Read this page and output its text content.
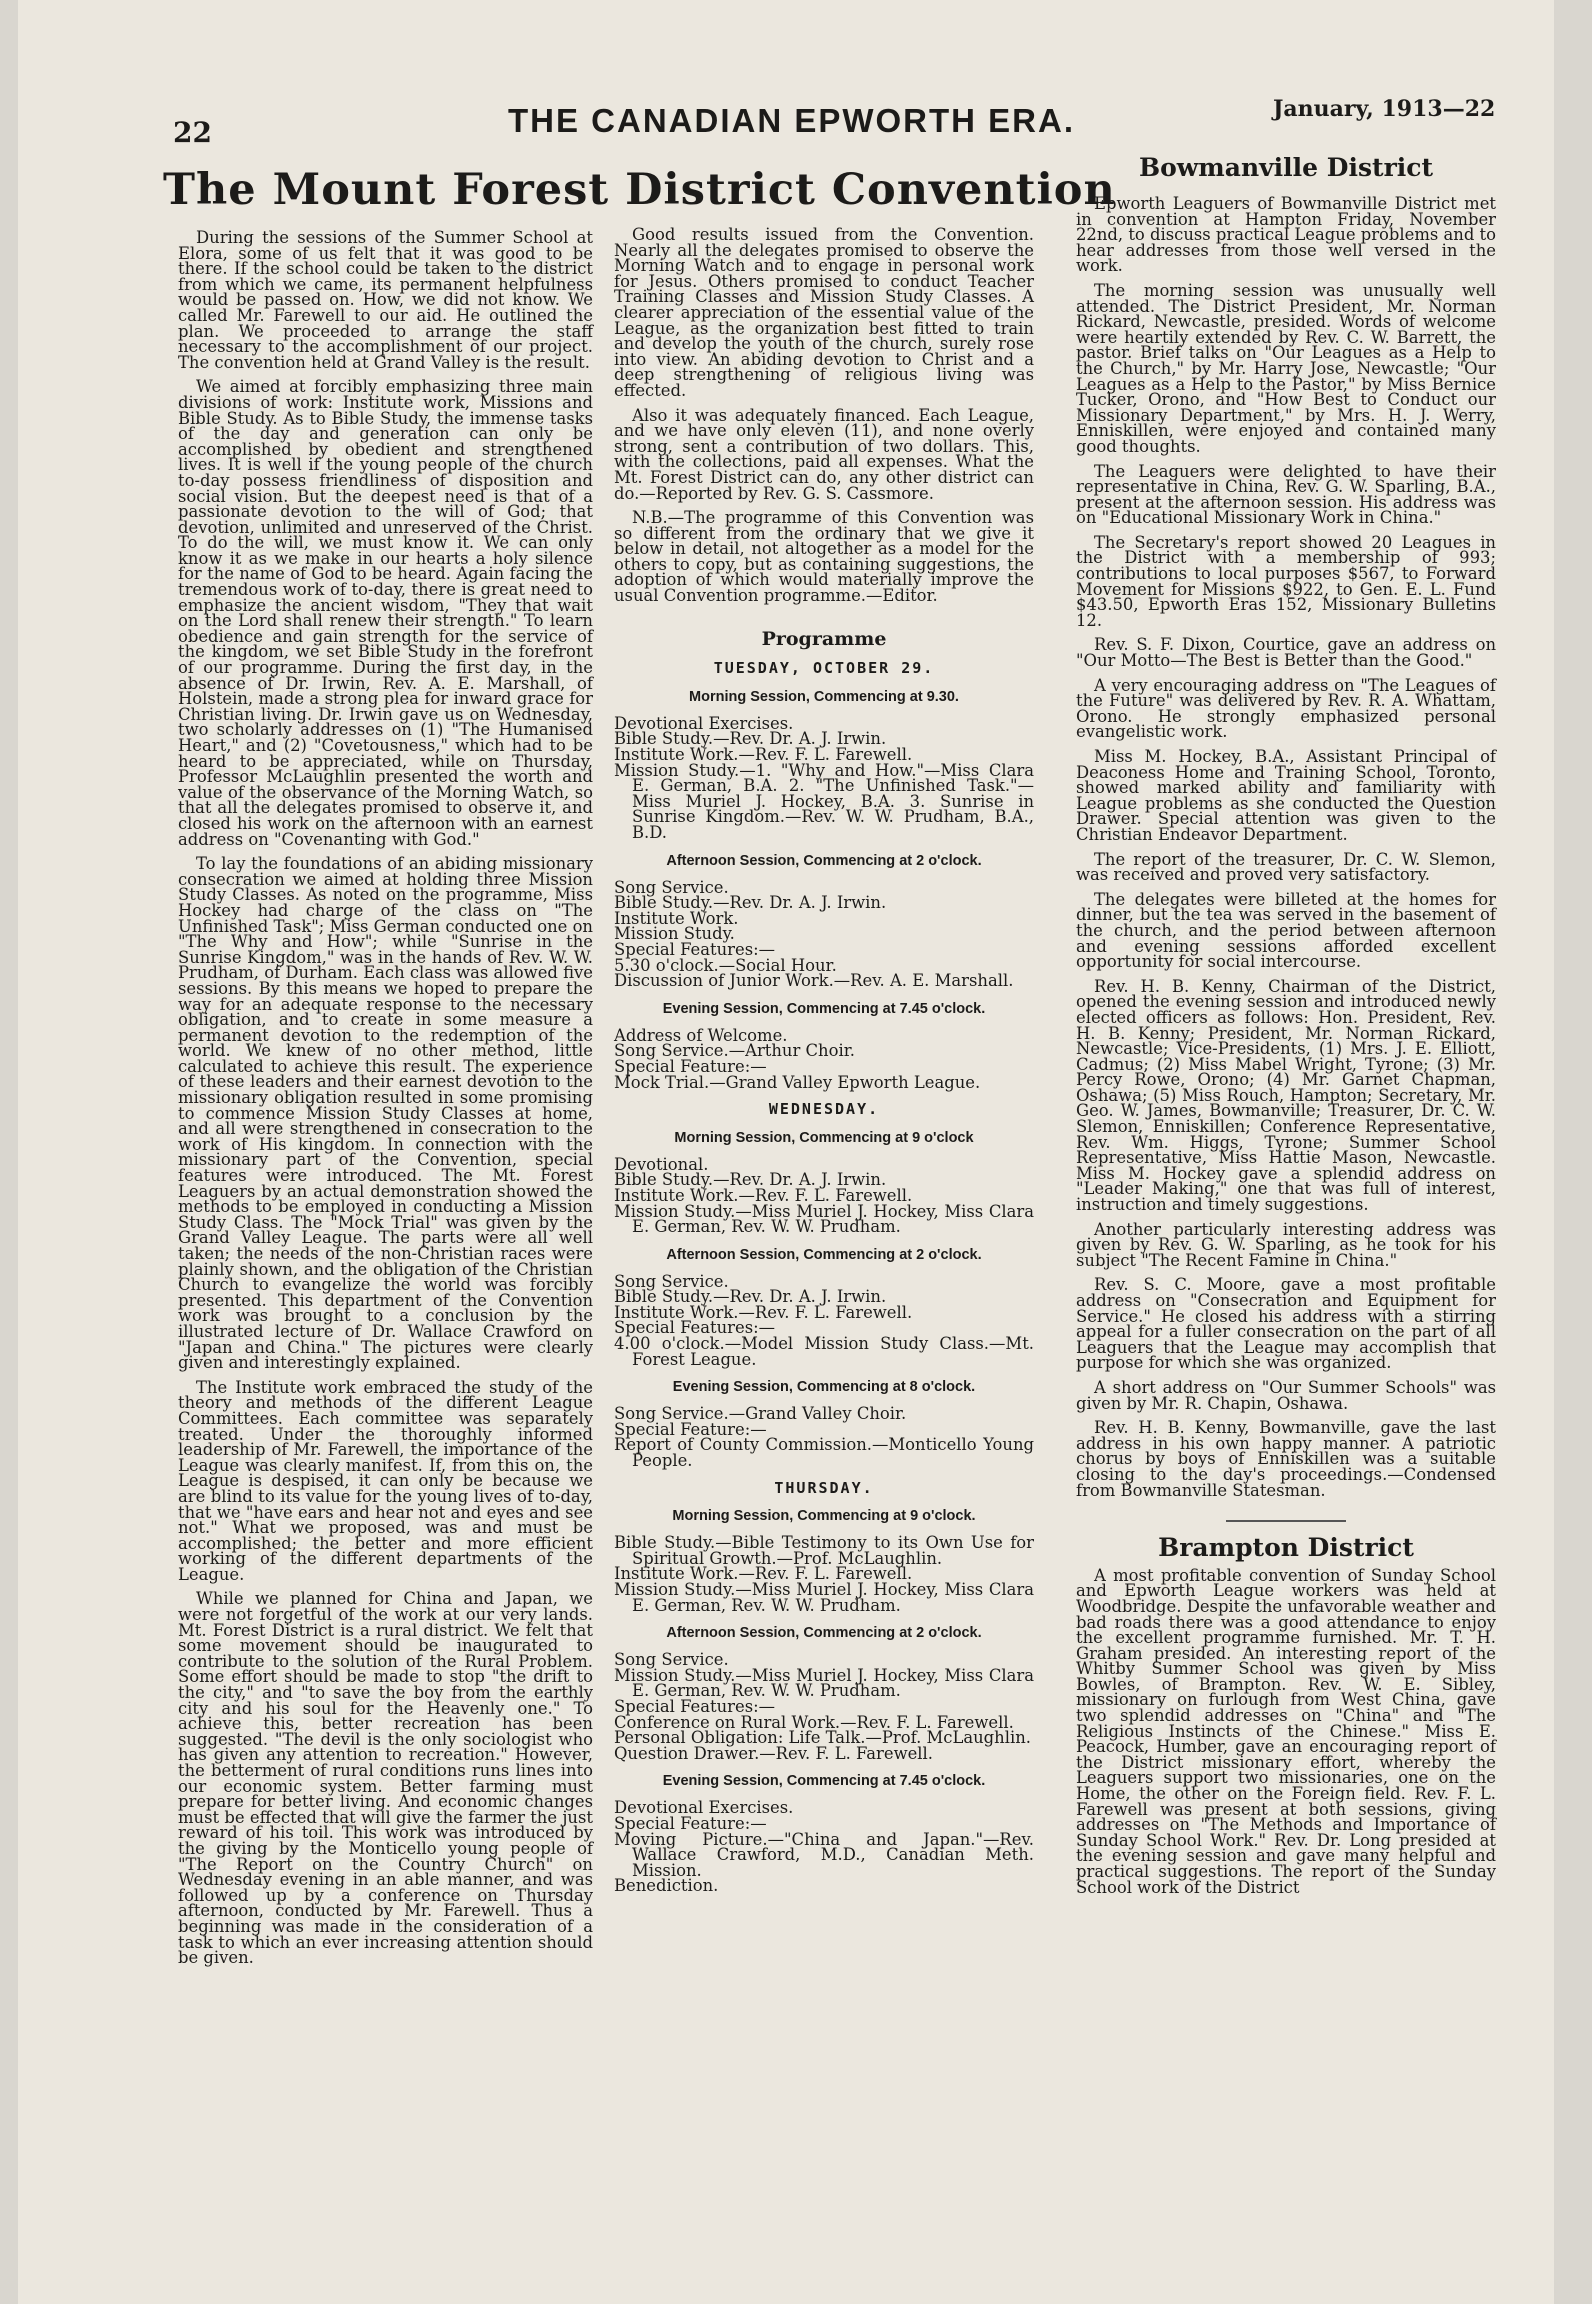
22	THE CANADIAN EPWORTH ERA.	January, 1913—22
The Mount Forest District Convention

During the sessions of the Summer School at Elora, some of us felt that it was good to be there. If the school could be taken to the district from which we came, its permanent helpfulness would be passed on. How, we did not know. We called Mr. Farewell to our aid. He outlined the plan. We proceeded to arrange the staff necessary to the accomplishment of our project. The convention held at Grand Valley is the result.

We aimed at forcibly emphasizing three main divisions of work: Institute work, Missions and Bible Study. As to Bible Study, the immense tasks of the day and generation can only be accomplished by obedient and strengthened lives. It is well if the young people of the church to-day possess friendliness of disposition and social vision. But the deepest need is that of a passionate devotion to the will of God; that devotion, unlimited and unreserved of the Christ. To do the will, we must know it. We can only know it as we make in our hearts a holy silence for the name of God to be heard. Again facing the tremendous work of to-day, there is great need to emphasize the ancient wisdom, "They that wait on the Lord shall renew their strength." To learn obedience and gain strength for the service of the kingdom, we set Bible Study in the forefront of our programme. During the first day, in the absence of Dr. Irwin, Rev. A. E. Marshall, of Holstein, made a strong plea for inward grace for Christian living. Dr. Irwin gave us on Wednesday, two scholarly addresses on (1) "The Humanised Heart," and (2) "Covetousness," which had to be heard to be appreciated, while on Thursday, Professor McLaughlin presented the worth and value of the observance of the Morning Watch, so that all the delegates promised to observe it, and closed his work on the afternoon with an earnest address on "Covenanting with God."

To lay the foundations of an abiding missionary consecration we aimed at holding three Mission Study Classes. As noted on the programme, Miss Hockey had charge of the class on "The Unfinished Task"; Miss German conducted one on "The Why and How"; while "Sunrise in the Sunrise Kingdom," was in the hands of Rev. W. W. Prudham, of Durham. Each class was allowed five sessions. By this means we hoped to prepare the way for an adequate response to the necessary obligation, and to create in some measure a permanent devotion to the redemption of the world. We knew of no other method, little calculated to achieve this result. The experience of these leaders and their earnest devotion to the missionary obligation resulted in some promising to commence Mission Study Classes at home, and all were strengthened in consecration to the work of His kingdom. In connection with the missionary part of the Convention, special features were introduced. The Mt. Forest Leaguers by an actual demonstration showed the methods to be employed in conducting a Mission Study Class. The "Mock Trial" was given by the Grand Valley League. The parts were all well taken; the needs of the non-Christian races were plainly shown, and the obligation of the Christian Church to evangelize the world was forcibly presented. This department of the Convention work was brought to a conclusion by the illustrated lecture of Dr. Wallace Crawford on "Japan and China." The pictures were clearly given and interestingly explained.

The Institute work embraced the study of the theory and methods of the different League Committees. Each committee was separately treated. Under the thoroughly informed leadership of Mr. Farewell, the importance of the League was clearly manifest. If, from this on, the League is despised, it can only be because we are blind to its value for the young lives of to-day, that we "have ears and hear not and eyes and see not." What we proposed, was and must be accomplished; the better and more efficient working of the different departments of the League.

While we planned for China and Japan, we were not forgetful of the work at our very lands. Mt. Forest District is a rural district. We felt that some movement should be inaugurated to contribute to the solution of the Rural Problem. Some effort should be made to stop "the drift to the city," and "to save the boy from the earthly city and his soul for the Heavenly one." To achieve this, better recreation has been suggested. "The devil is the only sociologist who has given any attention to recreation." However, the betterment of rural conditions runs lines into our economic system. Better farming must prepare for better living. And economic changes must be effected that will give the farmer the just reward of his toil. This work was introduced by the giving by the Monticello young people of "The Report on the Country Church" on Wednesday evening in an able manner, and was followed up by a conference on Thursday afternoon, conducted by Mr. Farewell. Thus a beginning was made in the consideration of a task to which an ever increasing attention should be given.

Good results issued from the Convention. Nearly all the delegates promised to observe the Morning Watch and to engage in personal work for Jesus. Others promised to conduct Teacher Training Classes and Mission Study Classes. A clearer appreciation of the essential value of the League, as the organization best fitted to train and develop the youth of the church, surely rose into view. An abiding devotion to Christ and a deep strengthening of religious living was effected.

Also it was adequately financed. Each League, and we have only eleven (11), and none overly strong, sent a contribution of two dollars. This, with the collections, paid all expenses. What the Mt. Forest District can do, any other district can do.—Reported by Rev. G. S. Cassmore.

N.B.—The programme of this Convention was so different from the ordinary that we give it below in detail, not altogether as a model for the others to copy, but as containing suggestions, the adoption of which would materially improve the usual Convention programme.—Editor.

Programme
TUESDAY, OCTOBER 29.
Morning Session, Commencing at 9.30.
Devotional Exercises.
Bible Study.—Rev. Dr. A. J. Irwin.
Institute Work.—Rev. F. L. Farewell.
Mission Study.—1. "Why and How."—Miss Clara E. German, B.A. 2. "The Unfinished Task."—Miss Muriel J. Hockey, B.A. 3. Sunrise in Sunrise Kingdom.—Rev. W. W. Prudham, B.A., B.D.
Afternoon Session, Commencing at 2 o'clock.
Song Service.
Bible Study.—Rev. Dr. A. J. Irwin.
Institute Work.
Mission Study.
Special Features:—
5.30 o'clock.—Social Hour.
Discussion of Junior Work.—Rev. A. E. Marshall.
Evening Session, Commencing at 7.45 o'clock.
Address of Welcome.
Song Service.—Arthur Choir.
Special Feature:—
Mock Trial.—Grand Valley Epworth League.
WEDNESDAY.
Morning Session, Commencing at 9 o'clock
Devotional.
Bible Study.—Rev. Dr. A. J. Irwin.
Institute Work.—Rev. F. L. Farewell.
Mission Study.—Miss Muriel J. Hockey, Miss Clara E. German, Rev. W. W. Prudham.
Afternoon Session, Commencing at 2 o'clock.
Song Service.
Bible Study.—Rev. Dr. A. J. Irwin.
Institute Work.—Rev. F. L. Farewell.
Special Features:—
4.00 o'clock.—Model Mission Study Class.—Mt. Forest League.
Evening Session, Commencing at 8 o'clock.
Song Service.—Grand Valley Choir.
Special Feature:—
Report of County Commission.—Monticello Young People.
THURSDAY.
Morning Session, Commencing at 9 o'clock.
Bible Study.—Bible Testimony to its Own Use for Spiritual Growth.—Prof. McLaughlin.
Institute Work.—Rev. F. L. Farewell.
Mission Study.—Miss Muriel J. Hockey, Miss Clara E. German, Rev. W. W. Prudham.
Afternoon Session, Commencing at 2 o'clock.
Song Service.
Mission Study.—Miss Muriel J. Hockey, Miss Clara E. German, Rev. W. W. Prudham.
Special Features:—
Conference on Rural Work.—Rev. F. L. Farewell.
Personal Obligation: Life Talk.—Prof. McLaughlin.
Question Drawer.—Rev. F. L. Farewell.
Evening Session, Commencing at 7.45 o'clock.
Devotional Exercises.
Special Feature:—
Moving Picture.—"China and Japan."—Rev. Wallace Crawford, M.D., Canadian Meth. Mission.
Benediction.
Bowmanville District

Epworth Leaguers of Bowmanville District met in convention at Hampton Friday, November 22nd, to discuss practical League problems and to hear addresses from those well versed in the work.

The morning session was unusually well attended. The District President, Mr. Norman Rickard, Newcastle, presided. Words of welcome were heartily extended by Rev. C. W. Barrett, the pastor. Brief talks on "Our Leagues as a Help to the Church," by Mr. Harry Jose, Newcastle; "Our Leagues as a Help to the Pastor," by Miss Bernice Tucker, Orono, and "How Best to Conduct our Missionary Department," by Mrs. H. J. Werry, Enniskillen, were enjoyed and contained many good thoughts.

The Leaguers were delighted to have their representative in China, Rev. G. W. Sparling, B.A., present at the afternoon session. His address was on "Educational Missionary Work in China."

The Secretary's report showed 20 Leagues in the District with a membership of 993; contributions to local purposes $567, to Forward Movement for Missions $922, to Gen. E. L. Fund $43.50, Epworth Eras 152, Missionary Bulletins 12.

Rev. S. F. Dixon, Courtice, gave an address on "Our Motto—The Best is Better than the Good."

A very encouraging address on "The Leagues of the Future" was delivered by Rev. R. A. Whattam, Orono. He strongly emphasized personal evangelistic work.

Miss M. Hockey, B.A., Assistant Principal of Deaconess Home and Training School, Toronto, showed marked ability and familiarity with League problems as she conducted the Question Drawer. Special attention was given to the Christian Endeavor Department.

The report of the treasurer, Dr. C. W. Slemon, was received and proved very satisfactory.

The delegates were billeted at the homes for dinner, but the tea was served in the basement of the church, and the period between afternoon and evening sessions afforded excellent opportunity for social intercourse.

Rev. H. B. Kenny, Chairman of the District, opened the evening session and introduced newly elected officers as follows: Hon. President, Rev. H. B. Kenny; President, Mr. Norman Rickard, Newcastle; Vice-Presidents, (1) Mrs. J. E. Elliott, Cadmus; (2) Miss Mabel Wright, Tyrone; (3) Mr. Percy Rowe, Orono; (4) Mr. Garnet Chapman, Oshawa; (5) Miss Rouch, Hampton; Secretary, Mr. Geo. W. James, Bowmanville; Treasurer, Dr. C. W. Slemon, Enniskillen; Conference Representative, Rev. Wm. Higgs, Tyrone; Summer School Representative, Miss Hattie Mason, Newcastle. Miss M. Hockey gave a splendid address on "Leader Making," one that was full of interest, instruction and timely suggestions.

Another particularly interesting address was given by Rev. G. W. Sparling, as he took for his subject "The Recent Famine in China."

Rev. S. C. Moore, gave a most profitable address on "Consecration and Equipment for Service." He closed his address with a stirring appeal for a fuller consecration on the part of all Leaguers that the League may accomplish that purpose for which she was organized.

A short address on "Our Summer Schools" was given by Mr. R. Chapin, Oshawa.

Rev. H. B. Kenny, Bowmanville, gave the last address in his own happy manner. A patriotic chorus by boys of Enniskillen was a suitable closing to the day's proceedings.—Condensed from Bowmanville Statesman.

Brampton District

A most profitable convention of Sunday School and Epworth League workers was held at Woodbridge. Despite the unfavorable weather and bad roads there was a good attendance to enjoy the excellent programme furnished. Mr. T. H. Graham presided. An interesting report of the Whitby Summer School was given by Miss Bowles, of Brampton. Rev. W. E. Sibley, missionary on furlough from West China, gave two splendid addresses on "China" and "The Religious Instincts of the Chinese." Miss E. Peacock, Humber, gave an encouraging report of the District missionary effort, whereby the Leaguers support two missionaries, one on the Home, the other on the Foreign field. Rev. F. L. Farewell was present at both sessions, giving addresses on "The Methods and Importance of Sunday School Work." Rev. Dr. Long presided at the evening session and gave many helpful and practical suggestions. The report of the Sunday School work of the District
